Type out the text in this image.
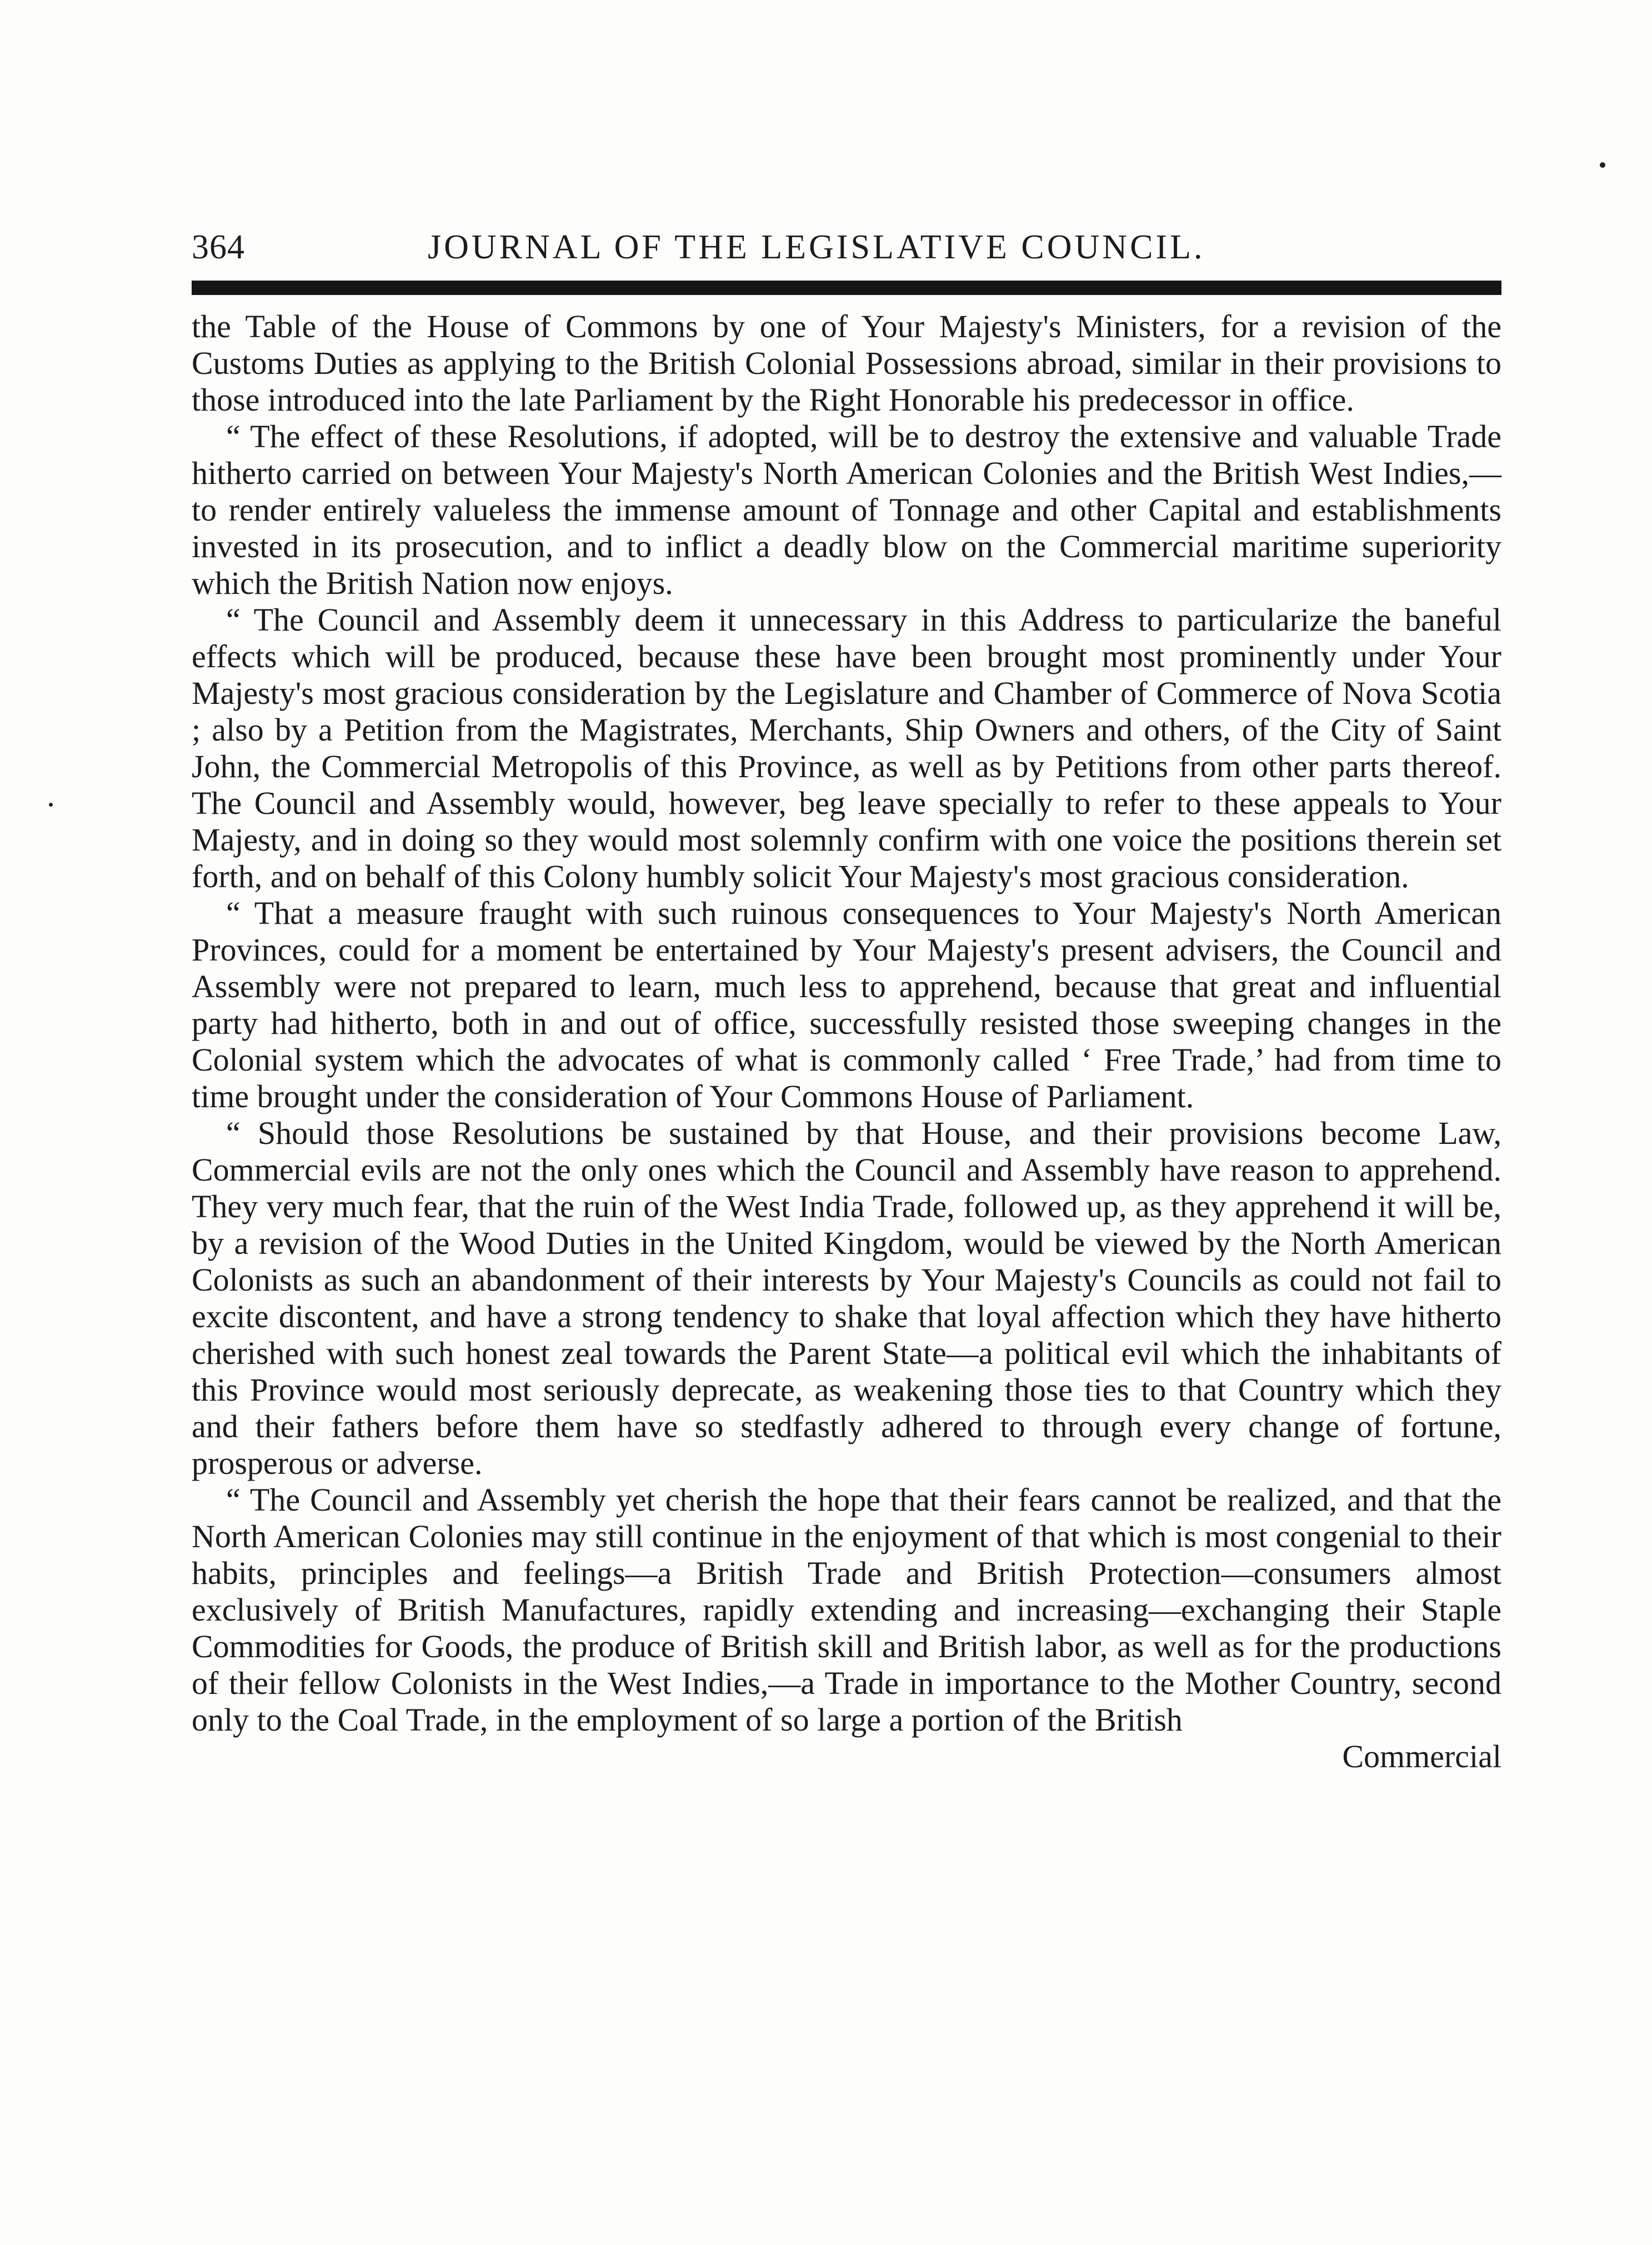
364	JOURNAL OF THE LEGISLATIVE COUNCIL.

the Table of the House of Commons by one of Your Majesty's Ministers, for a revision of the Customs Duties as applying to the British Colonial Possessions abroad, similar in their provisions to those introduced into the late Parliament by the Right Honorable his predecessor in office.

“ The effect of these Resolutions, if adopted, will be to destroy the extensive and valuable Trade hitherto carried on between Your Majesty's North American Colonies and the British West Indies,—to render entirely valueless the immense amount of Tonnage and other Capital and establishments invested in its prosecution, and to inflict a deadly blow on the Commercial maritime superiority which the British Nation now enjoys.

“ The Council and Assembly deem it unnecessary in this Address to particularize the baneful effects which will be produced, because these have been brought most prominently under Your Majesty's most gracious consideration by the Legislature and Chamber of Commerce of Nova Scotia ; also by a Petition from the Magistrates, Merchants, Ship Owners and others, of the City of Saint John, the Commercial Metropolis of this Province, as well as by Petitions from other parts thereof. The Council and Assembly would, however, beg leave specially to refer to these appeals to Your Majesty, and in doing so they would most solemnly confirm with one voice the positions therein set forth, and on behalf of this Colony humbly solicit Your Majesty's most gracious consideration.

“ That a measure fraught with such ruinous consequences to Your Majesty's North American Provinces, could for a moment be entertained by Your Majesty's present advisers, the Council and Assembly were not prepared to learn, much less to apprehend, because that great and influential party had hitherto, both in and out of office, successfully resisted those sweeping changes in the Colonial system which the advocates of what is commonly called ‘ Free Trade,’ had from time to time brought under the consideration of Your Commons House of Parliament.

“ Should those Resolutions be sustained by that House, and their provisions become Law, Commercial evils are not the only ones which the Council and Assembly have reason to apprehend. They very much fear, that the ruin of the West India Trade, followed up, as they apprehend it will be, by a revision of the Wood Duties in the United Kingdom, would be viewed by the North American Colonists as such an abandonment of their interests by Your Majesty's Councils as could not fail to excite discontent, and have a strong tendency to shake that loyal affection which they have hitherto cherished with such honest zeal towards the Parent State—a political evil which the inhabitants of this Province would most seriously deprecate, as weakening those ties to that Country which they and their fathers before them have so stedfastly adhered to through every change of fortune, prosperous or adverse.

“ The Council and Assembly yet cherish the hope that their fears cannot be realized, and that the North American Colonies may still continue in the enjoyment of that which is most congenial to their habits, principles and feelings—a British Trade and British Protection—consumers almost exclusively of British Manufactures, rapidly extending and increasing—exchanging their Staple Commodities for Goods, the produce of British skill and British labor, as well as for the productions of their fellow Colonists in the West Indies,—a Trade in importance to the Mother Country, second only to the Coal Trade, in the employment of so large a portion of the British

Commercial
